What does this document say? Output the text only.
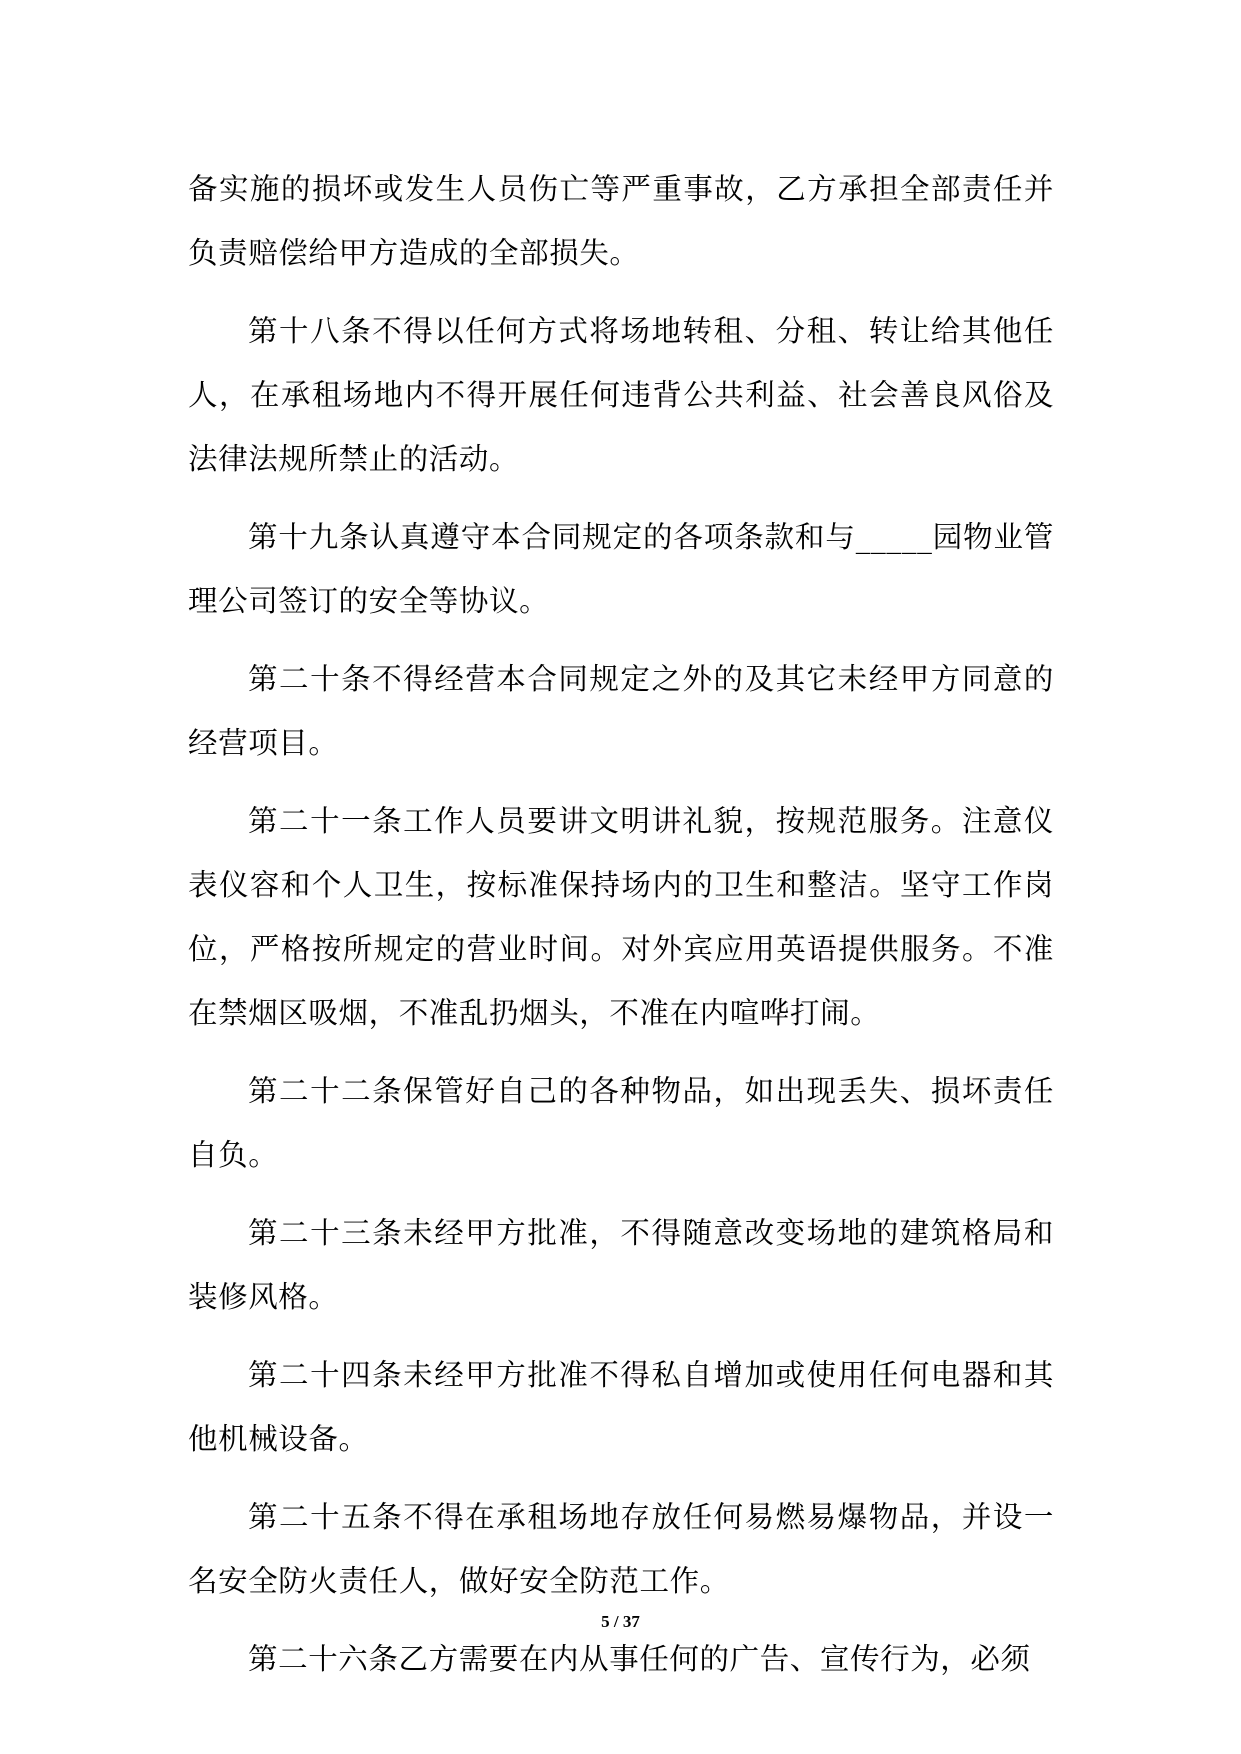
备实施的损坏或发生人员伤亡等严重事故，乙方承担全部责任并负责赔偿给甲方造成的全部损失。

第十八条不得以任何方式将场地转租、分租、转让给其他任人，在承租场地内不得开展任何违背公共利益、社会善良风俗及法律法规所禁止的活动。

第十九条认真遵守本合同规定的各项条款和与_____园物业管理公司签订的安全等协议。

第二十条不得经营本合同规定之外的及其它未经甲方同意的经营项目。

第二十一条工作人员要讲文明讲礼貌，按规范服务。注意仪表仪容和个人卫生，按标准保持场内的卫生和整洁。坚守工作岗位，严格按所规定的营业时间。对外宾应用英语提供服务。不准在禁烟区吸烟，不准乱扔烟头，不准在内喧哗打闹。

第二十二条保管好自己的各种物品，如出现丢失、损坏责任自负。

第二十三条未经甲方批准，不得随意改变场地的建筑格局和装修风格。

第二十四条未经甲方批准不得私自增加或使用任何电器和其他机械设备。

第二十五条不得在承租场地存放任何易燃易爆物品，并设一名安全防火责任人，做好安全防范工作。

第二十六条乙方需要在内从事任何的广告、宣传行为，必须

5 / 37
